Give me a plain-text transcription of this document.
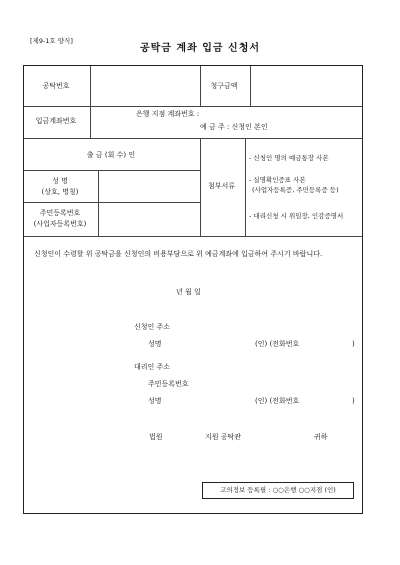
[제9-1호 양식]
공탁금 계좌 입금 신청서
공탁번호	청구금액
입금계좌번호
은행 지점 계좌번호 :
예 금 주 : 신청인 본인
출 금 (회 수) 인
성 명
(상호, 명칭)
주민등록번호
(사업자등록번호)
첨부서류
- 신청인 명의 예금통장 사본
- 실명확인증표 사본
(사업자등록증, 주민등록증 등)
- 대리신청 시 위임장, 인감증명서
신청인이 수령할 위 공탁금을 신청인의 비용부담으로 위 예금계좌에 입금하여 주시기 바랍니다.
년 월 일
신청인 주소
성명	(인) (전화번호	)
대리인 주소
주민등록번호
성명	(인) (전화번호	)
법원	지원 공탁관	귀하
고의정보 등록필 : ○○은행 ○○지점 (인)
